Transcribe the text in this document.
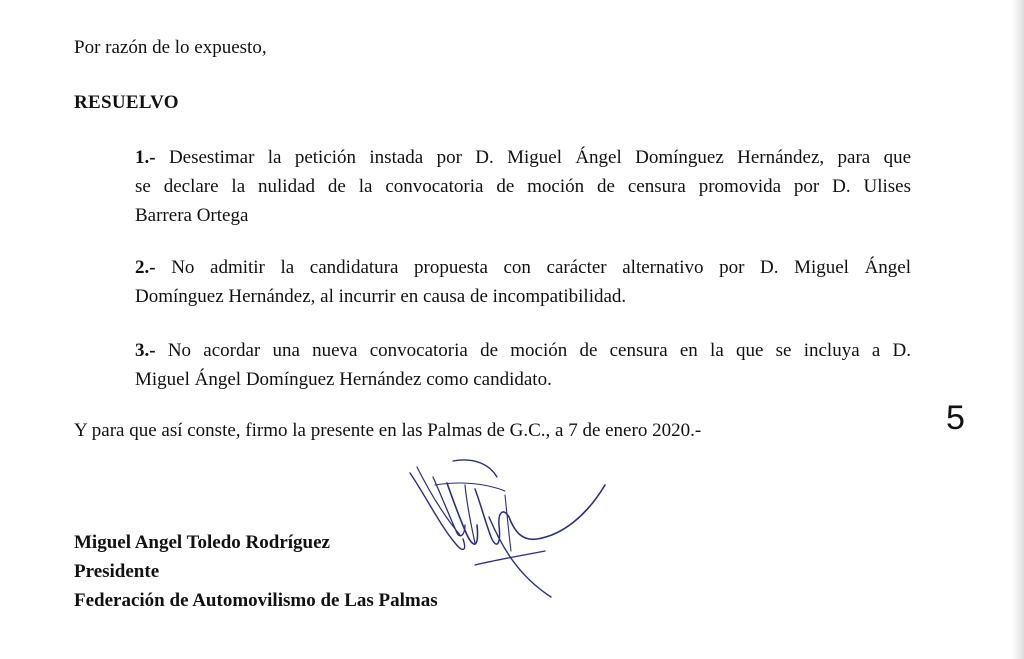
Por razón de lo expuesto,
RESUELVO
1.- Desestimar la petición instada por D. Miguel Ángel Domínguez Hernández, para que
se declare la nulidad de la convocatoria de moción de censura promovida por D. Ulises
Barrera Ortega
2.- No admitir la candidatura propuesta con carácter alternativo por D. Miguel Ángel
Domínguez Hernández, al incurrir en causa de incompatibilidad.
3.- No acordar una nueva convocatoria de moción de censura en la que se incluya a D.
Miguel Ángel Domínguez Hernández como candidato.
Y para que así conste, firmo la presente en las Palmas de G.C., a 7 de enero 2020.-	5
Miguel Angel Toledo Rodríguez
Presidente
Federación de Automovilismo de Las Palmas
